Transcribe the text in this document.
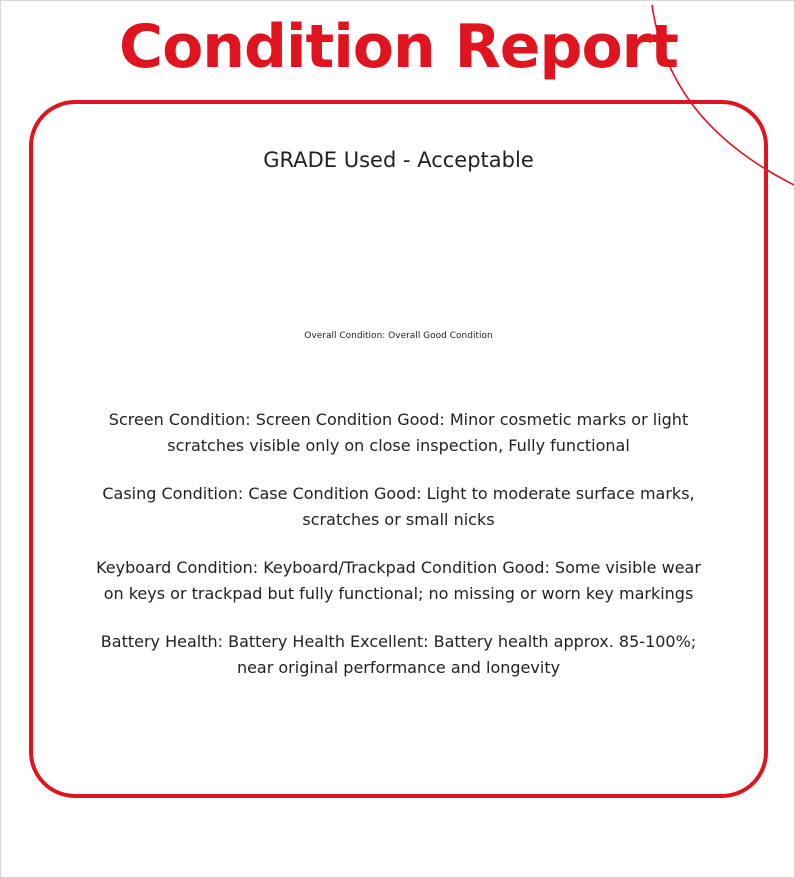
Condition Report
GRADE Used - Acceptable
Overall Condition: Overall Good Condition
Screen Condition: Screen Condition Good: Minor cosmetic marks or light
scratches visible only on close inspection, Fully functional
Casing Condition: Case Condition Good: Light to moderate surface marks,
scratches or small nicks
Keyboard Condition: Keyboard/Trackpad Condition Good: Some visible wear
on keys or trackpad but fully functional; no missing or worn key markings
Battery Health: Battery Health Excellent: Battery health approx. 85-100%;
near original performance and longevity
